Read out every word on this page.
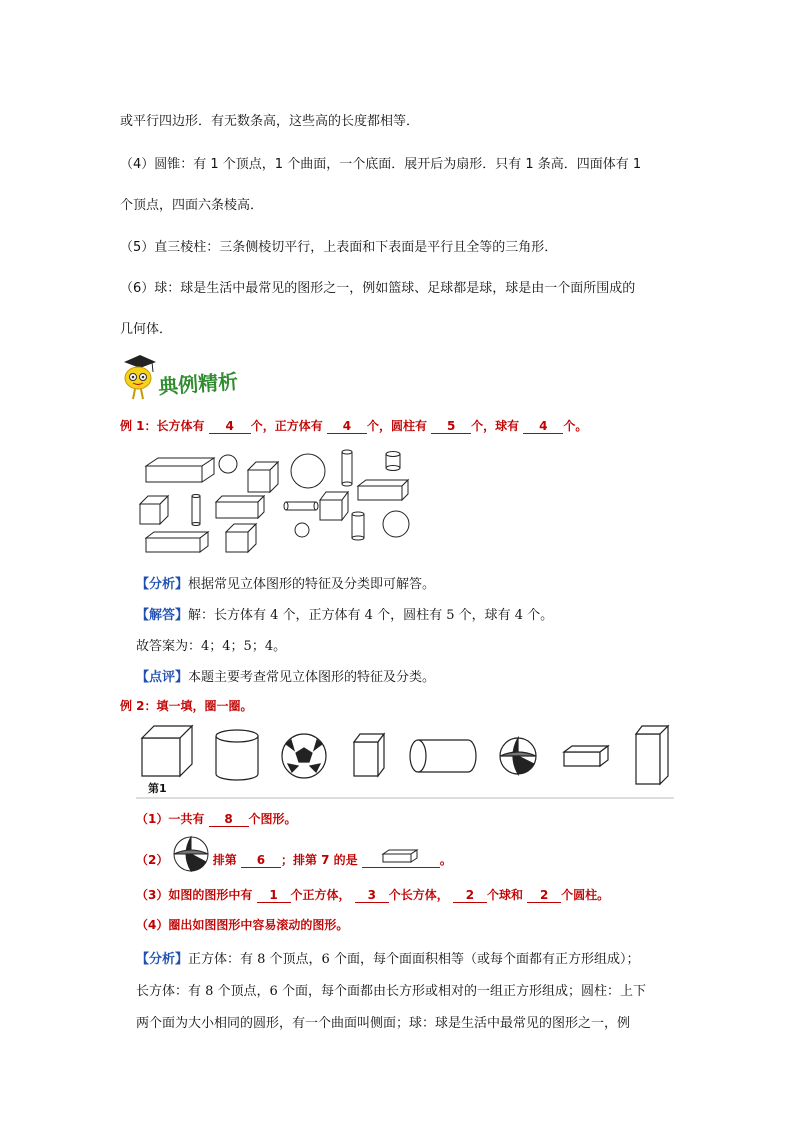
或平行四边形．有无数条高，这些高的长度都相等．
（4）圆锥：有 1 个顶点，1 个曲面，一个底面．展开后为扇形．只有 1 条高．四面体有 1
个顶点，四面六条棱高．
（5）直三棱柱：三条侧棱切平行，上表面和下表面是平行且全等的三角形．
（6）球：球是生活中最常见的图形之一，例如篮球、足球都是球，球是由一个面所围成的
几何体．
典例精析
例 1：长方体有 4 个，正方体有 4 个，圆柱有 5 个，球有 4 个。
【分析】根据常见立体图形的特征及分类即可解答。
【解答】解：长方体有 4 个，正方体有 4 个，圆柱有 5 个，球有 4 个。
故答案为：4；4；5；4。
【点评】本题主要考查常见立体图形的特征及分类。
例 2：填一填，圈一圈。
第1
（1）一共有 8 个图形。
（2）	排第 6 ；排第 7 的是	。
（3）如图的图形中有 1 个正方体， 3 个长方体， 2 个球和 2 个圆柱。
（4）圈出如图图形中容易滚动的图形。
【分析】正方体：有 8 个顶点，6 个面，每个面面积相等（或每个面都有正方形组成）；
长方体：有 8 个顶点，6 个面，每个面都由长方形或相对的一组正方形组成；圆柱：上下
两个面为大小相同的圆形，有一个曲面叫侧面；球：球是生活中最常见的图形之一，例
